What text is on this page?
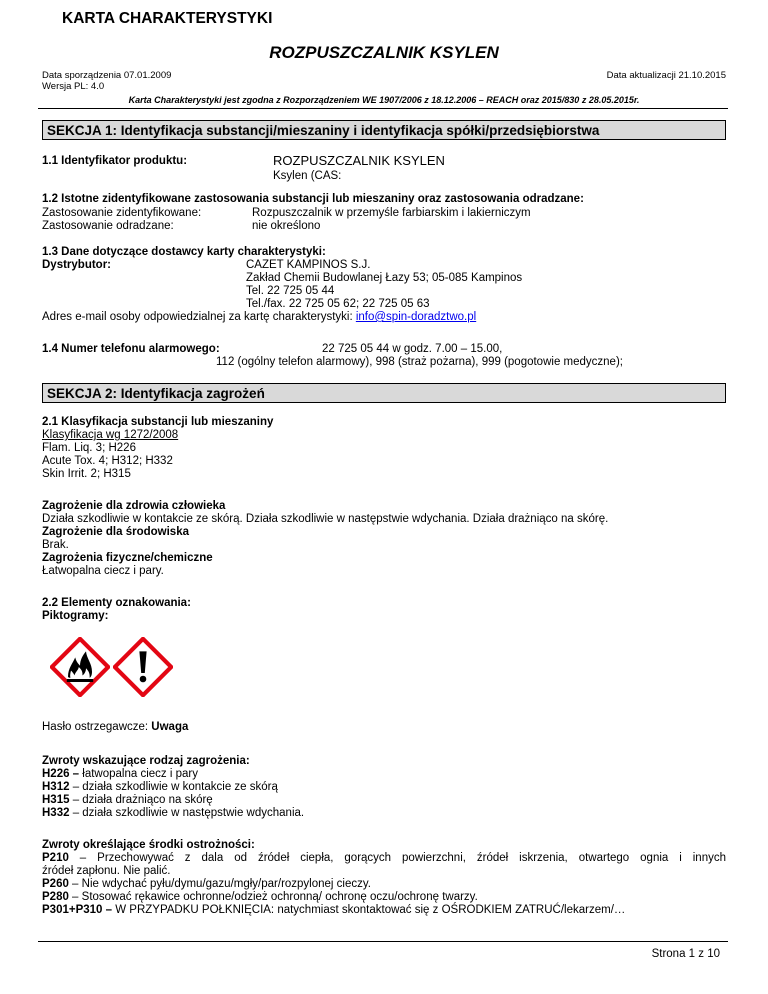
KARTA CHARAKTERYSTYKI
ROZPUSZCZALNIK KSYLEN
Data sporządzenia 07.01.2009
Wersja PL: 4.0
Data aktualizacji 21.10.2015
Karta Charakterystyki jest zgodna z Rozporządzeniem WE 1907/2006 z 18.12.2006 – REACH oraz 2015/830 z 28.05.2015r.
SEKCJA 1: Identyfikacja substancji/mieszaniny i identyfikacja spółki/przedsiębiorstwa
1.1 Identyfikator produktu:	ROZPUSZCZALNIK KSYLEN
Ksylen (CAS:
1.2 Istotne zidentyfikowane zastosowania substancji lub mieszaniny oraz zastosowania odradzane:
Zastosowanie zidentyfikowane:	Rozpuszczalnik w przemyśle farbiarskim i lakierniczym
Zastosowanie odradzane:	nie określono
1.3 Dane dotyczące dostawcy karty charakterystyki:
Dystrybutor:	CAZET KAMPINOS S.J.
Zakład Chemii Budowlanej Łazy 53; 05-085 Kampinos
Tel. 22 725 05 44
Tel./fax. 22 725 05 62; 22 725 05 63
Adres e-mail osoby odpowiedzialnej za kartę charakterystyki: info@spin-doradztwo.pl
1.4 Numer telefonu alarmowego:	22 725 05 44 w godz. 7.00 – 15.00,
112 (ogólny telefon alarmowy), 998 (straż pożarna), 999 (pogotowie medyczne);
SEKCJA 2: Identyfikacja zagrożeń
2.1 Klasyfikacja substancji lub mieszaniny
Klasyfikacja wg 1272/2008
Flam. Liq. 3; H226
Acute Tox. 4; H312; H332
Skin Irrit. 2; H315
Zagrożenie dla zdrowia człowieka
Działa szkodliwie w kontakcie ze skórą. Działa szkodliwie w następstwie wdychania. Działa drażniąco na skórę.
Zagrożenie dla środowiska
Brak.
Zagrożenia fizyczne/chemiczne
Łatwopalna ciecz i pary.
2.2 Elementy oznakowania:
Piktogramy:
Hasło ostrzegawcze: Uwaga
Zwroty wskazujące rodzaj zagrożenia:
H226 – łatwopalna ciecz i pary
H312 – działa szkodliwie w kontakcie ze skórą
H315 – działa drażniąco na skórę
H332 – działa szkodliwie w następstwie wdychania.
Zwroty określające środki ostrożności:
P210 – Przechowywać z dala od źródeł ciepła, gorących powierzchni, źródeł iskrzenia, otwartego ognia i innych
źródeł zapłonu. Nie palić.
P260 – Nie wdychać pyłu/dymu/gazu/mgły/par/rozpylonej cieczy.
P280 – Stosować rękawice ochronne/odzież ochronną/ ochronę oczu/ochronę twarzy.
P301+P310 – W PRZYPADKU POŁKNIĘCIA: natychmiast skontaktować się z OŚRODKIEM ZATRUĆ/lekarzem/…
Strona 1 z 10
